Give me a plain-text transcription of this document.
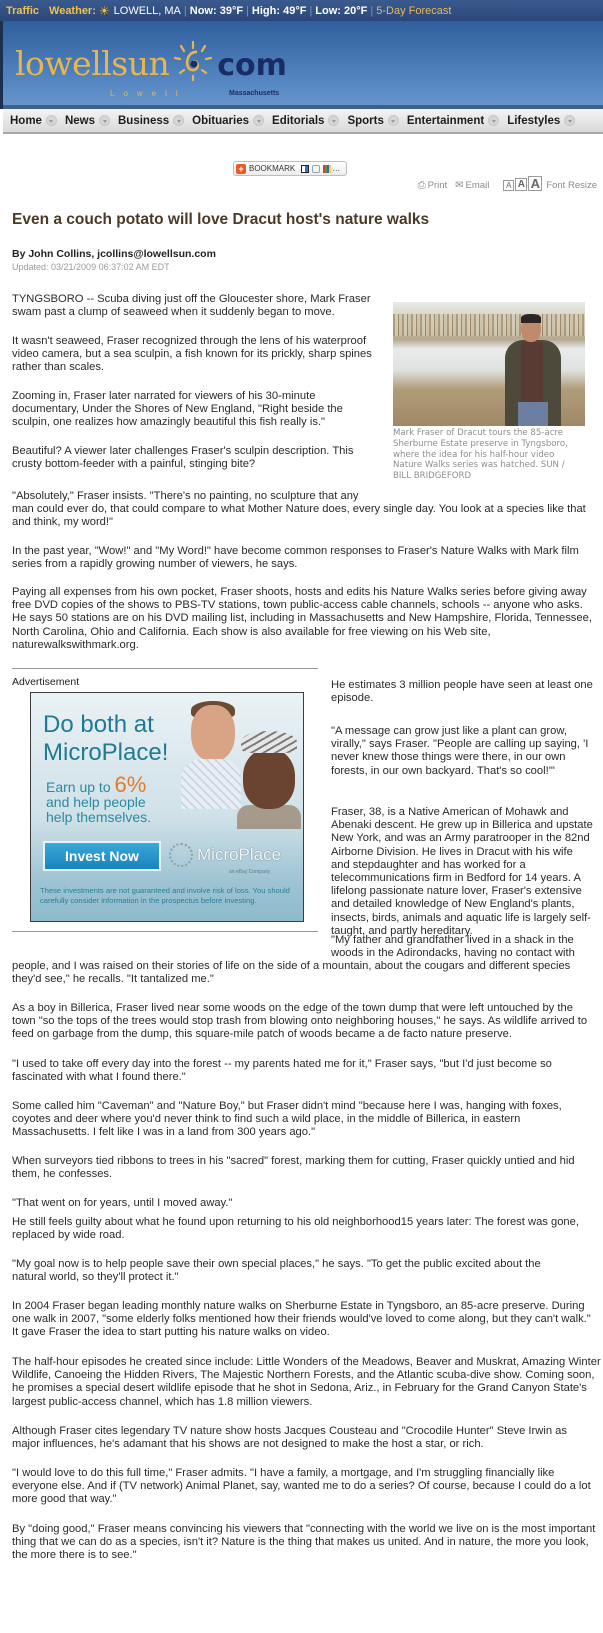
Traffic Weather: ☀ LOWELL, MA | Now: 39°F | High: 49°F | Low: 20°F | 5-Day Forecast
lowellsun com
Lowell	Massachusetts
Home News Business Obituaries Editorials Sports Entertainment Lifestyles
+ BOOKMARK	…
⎙ Print ✉ Email	A A A Font Resize
Even a couch potato will love Dracut host's nature walks
By John Collins, jcollins@lowellsun.com
Updated: 03/21/2009 06:37:02 AM EDT

TYNGSBORO -- Scuba diving just off the Gloucester shore, Mark Fraser swam past a clump of seaweed when it suddenly began to move.

It wasn't seaweed, Fraser recognized through the lens of his waterproof video camera, but a sea sculpin, a fish known for its prickly, sharp spines rather than scales.

Zooming in, Fraser later narrated for viewers of his 30-minute documentary, Under the Shores of New England, "Right beside the sculpin, one realizes how amazingly beautiful this fish really is."

Beautiful? A viewer later challenges Fraser's sculpin description. This crusty bottom-feeder with a painful, stinging bite?

Mark Fraser of Dracut tours the 85-acre Sherburne Estate preserve in Tyngsboro, where the idea for his half-hour video Nature Walks series was hatched. SUN / BILL BRIDGEFORD

"Absolutely," Fraser insists. "There's no painting, no sculpture that any

man could ever do, that could compare to what Mother Nature does, every single day. You look at a species like that and think, my word!"

In the past year, "Wow!" and "My Word!" have become common responses to Fraser's Nature Walks with Mark film series from a rapidly growing number of viewers, he says.

Paying all expenses from his own pocket, Fraser shoots, hosts and edits his Nature Walks series before giving away free DVD copies of the shows to PBS-TV stations, town public-access cable channels, schools -- anyone who asks. He says 50 stations are on his DVD mailing list, including in Massachusetts and New Hampshire, Florida, Tennessee, North Carolina, Ohio and California. Each show is also available for free viewing on his Web site, naturewalkswithmark.org.

Advertisement
Do both at
MicroPlace!
Earn up to 6%
and help people
help themselves.
Invest Now	MicroPlace
an eBay Company
These investments are not guaranteed and involve risk of loss. You should carefully consider information in the prospectus before investing.

He estimates 3 million people have seen at least one episode.

"A message can grow just like a plant can grow, virally," says Fraser. "People are calling up saying, 'I never knew those things were there, in our own forests, in our own backyard. That's so cool!'"

Fraser, 38, is a Native American of Mohawk and Abenaki descent. He grew up in Billerica and upstate New York, and was an Army paratrooper in the 82nd Airborne Division. He lives in Dracut with his wife and stepdaughter and has worked for a telecommunications firm in Bedford for 14 years. A lifelong passionate nature lover, Fraser's extensive and detailed knowledge of New England's plants, insects, birds, animals and aquatic life is largely self-taught, and partly hereditary.

"My father and grandfather lived in a shack in the woods in the Adirondacks, having no contact with

people, and I was raised on their stories of life on the side of a mountain, about the cougars and different species they'd see," he recalls. "It tantalized me."

As a boy in Billerica, Fraser lived near some woods on the edge of the town dump that were left untouched by the town "so the tops of the trees would stop trash from blowing onto neighboring houses," he says. As wildlife arrived to feed on garbage from the dump, this square-mile patch of woods became a de facto nature preserve.

"I used to take off every day into the forest -- my parents hated me for it," Fraser says, "but I'd just become so fascinated with what I found there."

Some called him "Caveman" and "Nature Boy," but Fraser didn't mind "because here I was, hanging with foxes, coyotes and deer where you'd never think to find such a wild place, in the middle of Billerica, in eastern Massachusetts. I felt like I was in a land from 300 years ago."

When surveyors tied ribbons to trees in his "sacred" forest, marking them for cutting, Fraser quickly untied and hid them, he confesses.

"That went on for years, until I moved away."

He still feels guilty about what he found upon returning to his old neighborhood15 years later: The forest was gone, replaced by wide road.

"My goal now is to help people save their own special places," he says. "To get the public excited about the natural world, so they'll protect it."

In 2004 Fraser began leading monthly nature walks on Sherburne Estate in Tyngsboro, an 85-acre preserve. During one walk in 2007, "some elderly folks mentioned how their friends would've loved to come along, but they can't walk." It gave Fraser the idea to start putting his nature walks on video.

The half-hour episodes he created since include: Little Wonders of the Meadows, Beaver and Muskrat, Amazing Winter Wildlife, Canoeing the Hidden Rivers, The Majestic Northern Forests, and the Atlantic scuba-dive show. Coming soon, he promises a special desert wildlife episode that he shot in Sedona, Ariz., in February for the Grand Canyon State's largest public-access channel, which has 1.8 million viewers.

Although Fraser cites legendary TV nature show hosts Jacques Cousteau and "Crocodile Hunter" Steve Irwin as major influences, he's adamant that his shows are not designed to make the host a star, or rich.

"I would love to do this full time," Fraser admits. "I have a family, a mortgage, and I'm struggling financially like everyone else. And if (TV network) Animal Planet, say, wanted me to do a series? Of course, because I could do a lot more good that way."

By "doing good," Fraser means convincing his viewers that "connecting with the world we live on is the most important thing that we can do as a species, isn't it? Nature is the thing that makes us united. And in nature, the more you look, the more there is to see."
